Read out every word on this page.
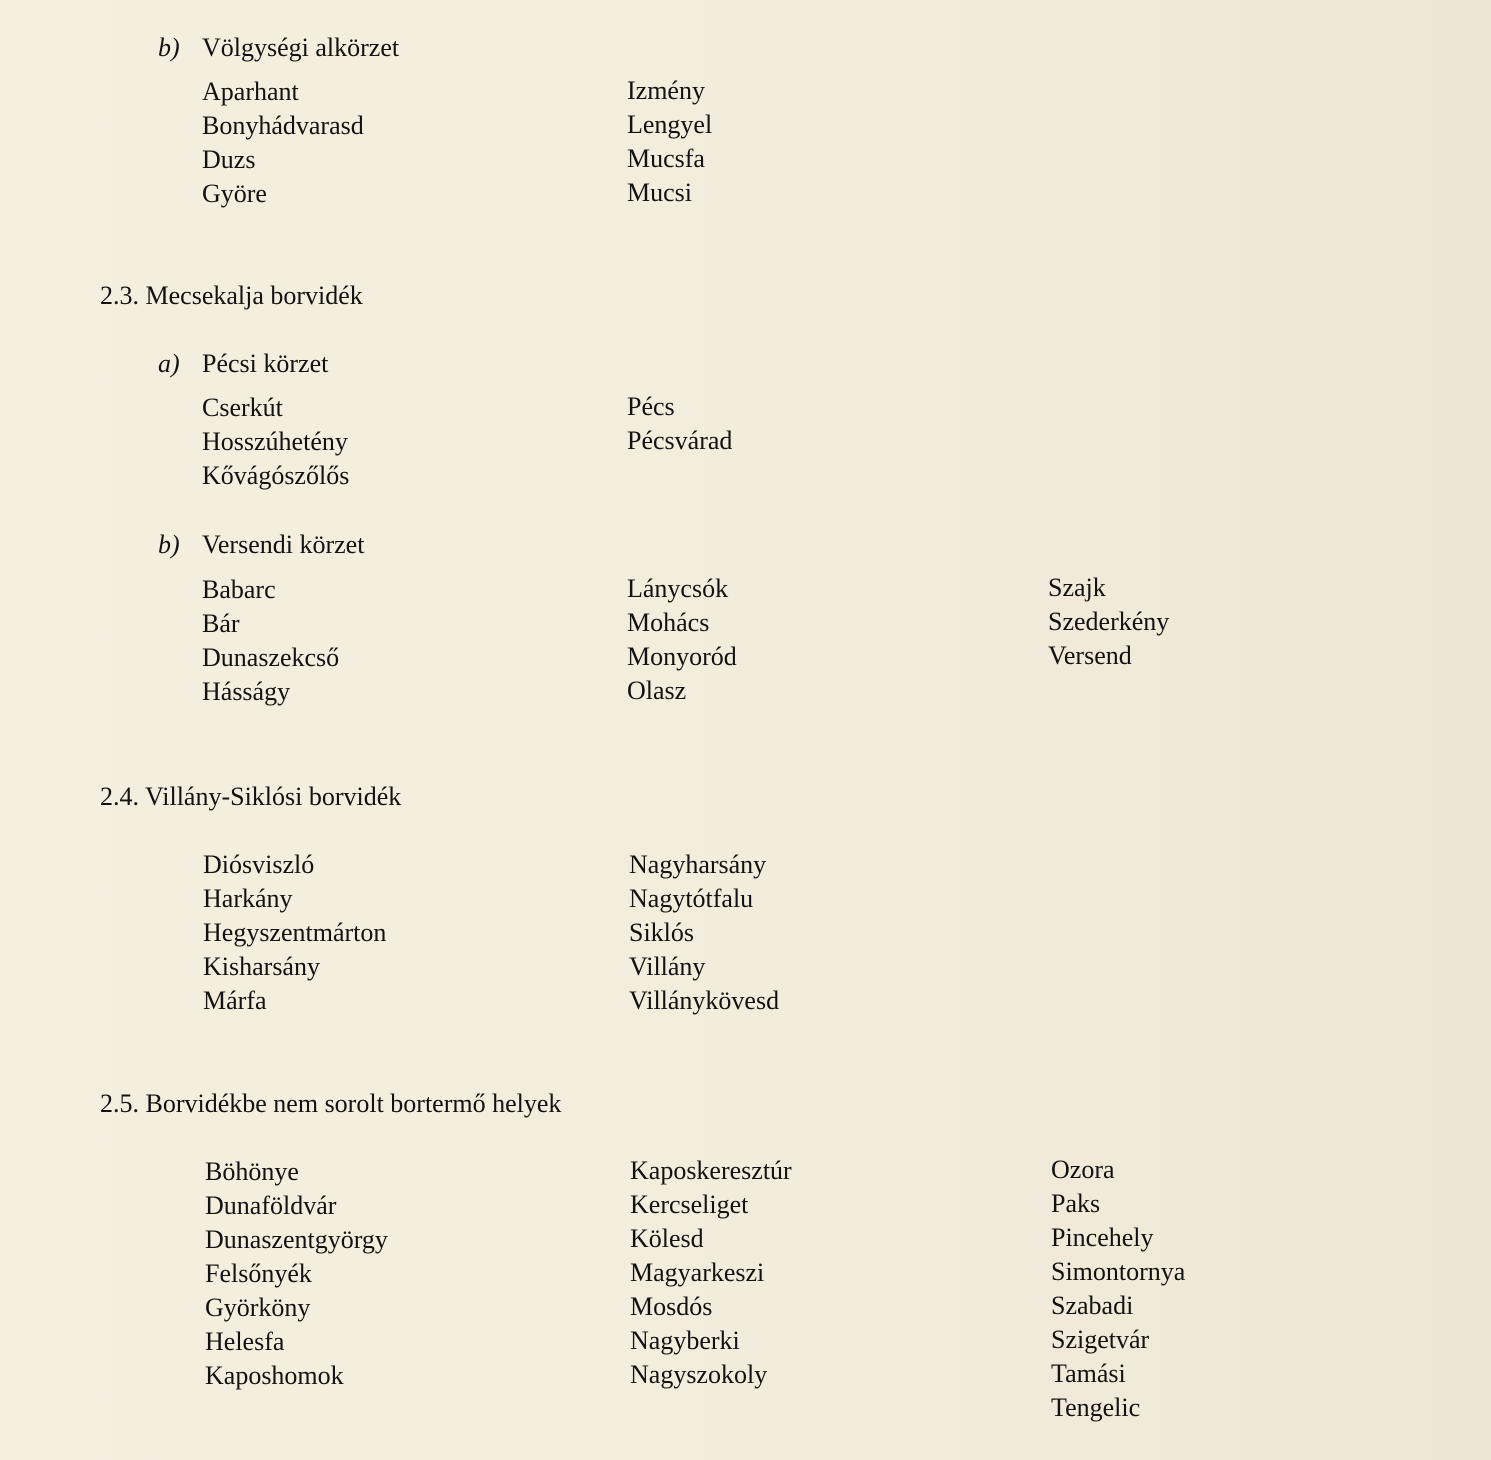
b) Völgységi alkörzet
Aparhant
Bonyhádvarasd
Duzs
Györe
Izmény
Lengyel
Mucsfa
Mucsi
2.3. Mecsekalja borvidék
a) Pécsi körzet
Cserkút
Hosszúhetény
Kővágószőlős
Pécs
Pécsvárad
b) Versendi körzet
Babarc
Bár
Dunaszekcső
Hásságy
Lánycsók
Mohács
Monyoród
Olasz
Szajk
Szederkény
Versend
2.4. Villány-Siklósi borvidék
Diósviszló
Harkány
Hegyszentmárton
Kisharsány
Márfa
Nagyharsány
Nagytótfalu
Siklós
Villány
Villánykövesd
2.5. Borvidékbe nem sorolt bortermő helyek
Böhönye
Dunaföldvár
Dunaszentgyörgy
Felsőnyék
Györköny
Helesfa
Kaposhomok
Kaposkeresztúr
Kercseliget
Kölesd
Magyarkeszi
Mosdós
Nagyberki
Nagyszokoly
Ozora
Paks
Pincehely
Simontornya
Szabadi
Szigetvár
Tamási
Tengelic
